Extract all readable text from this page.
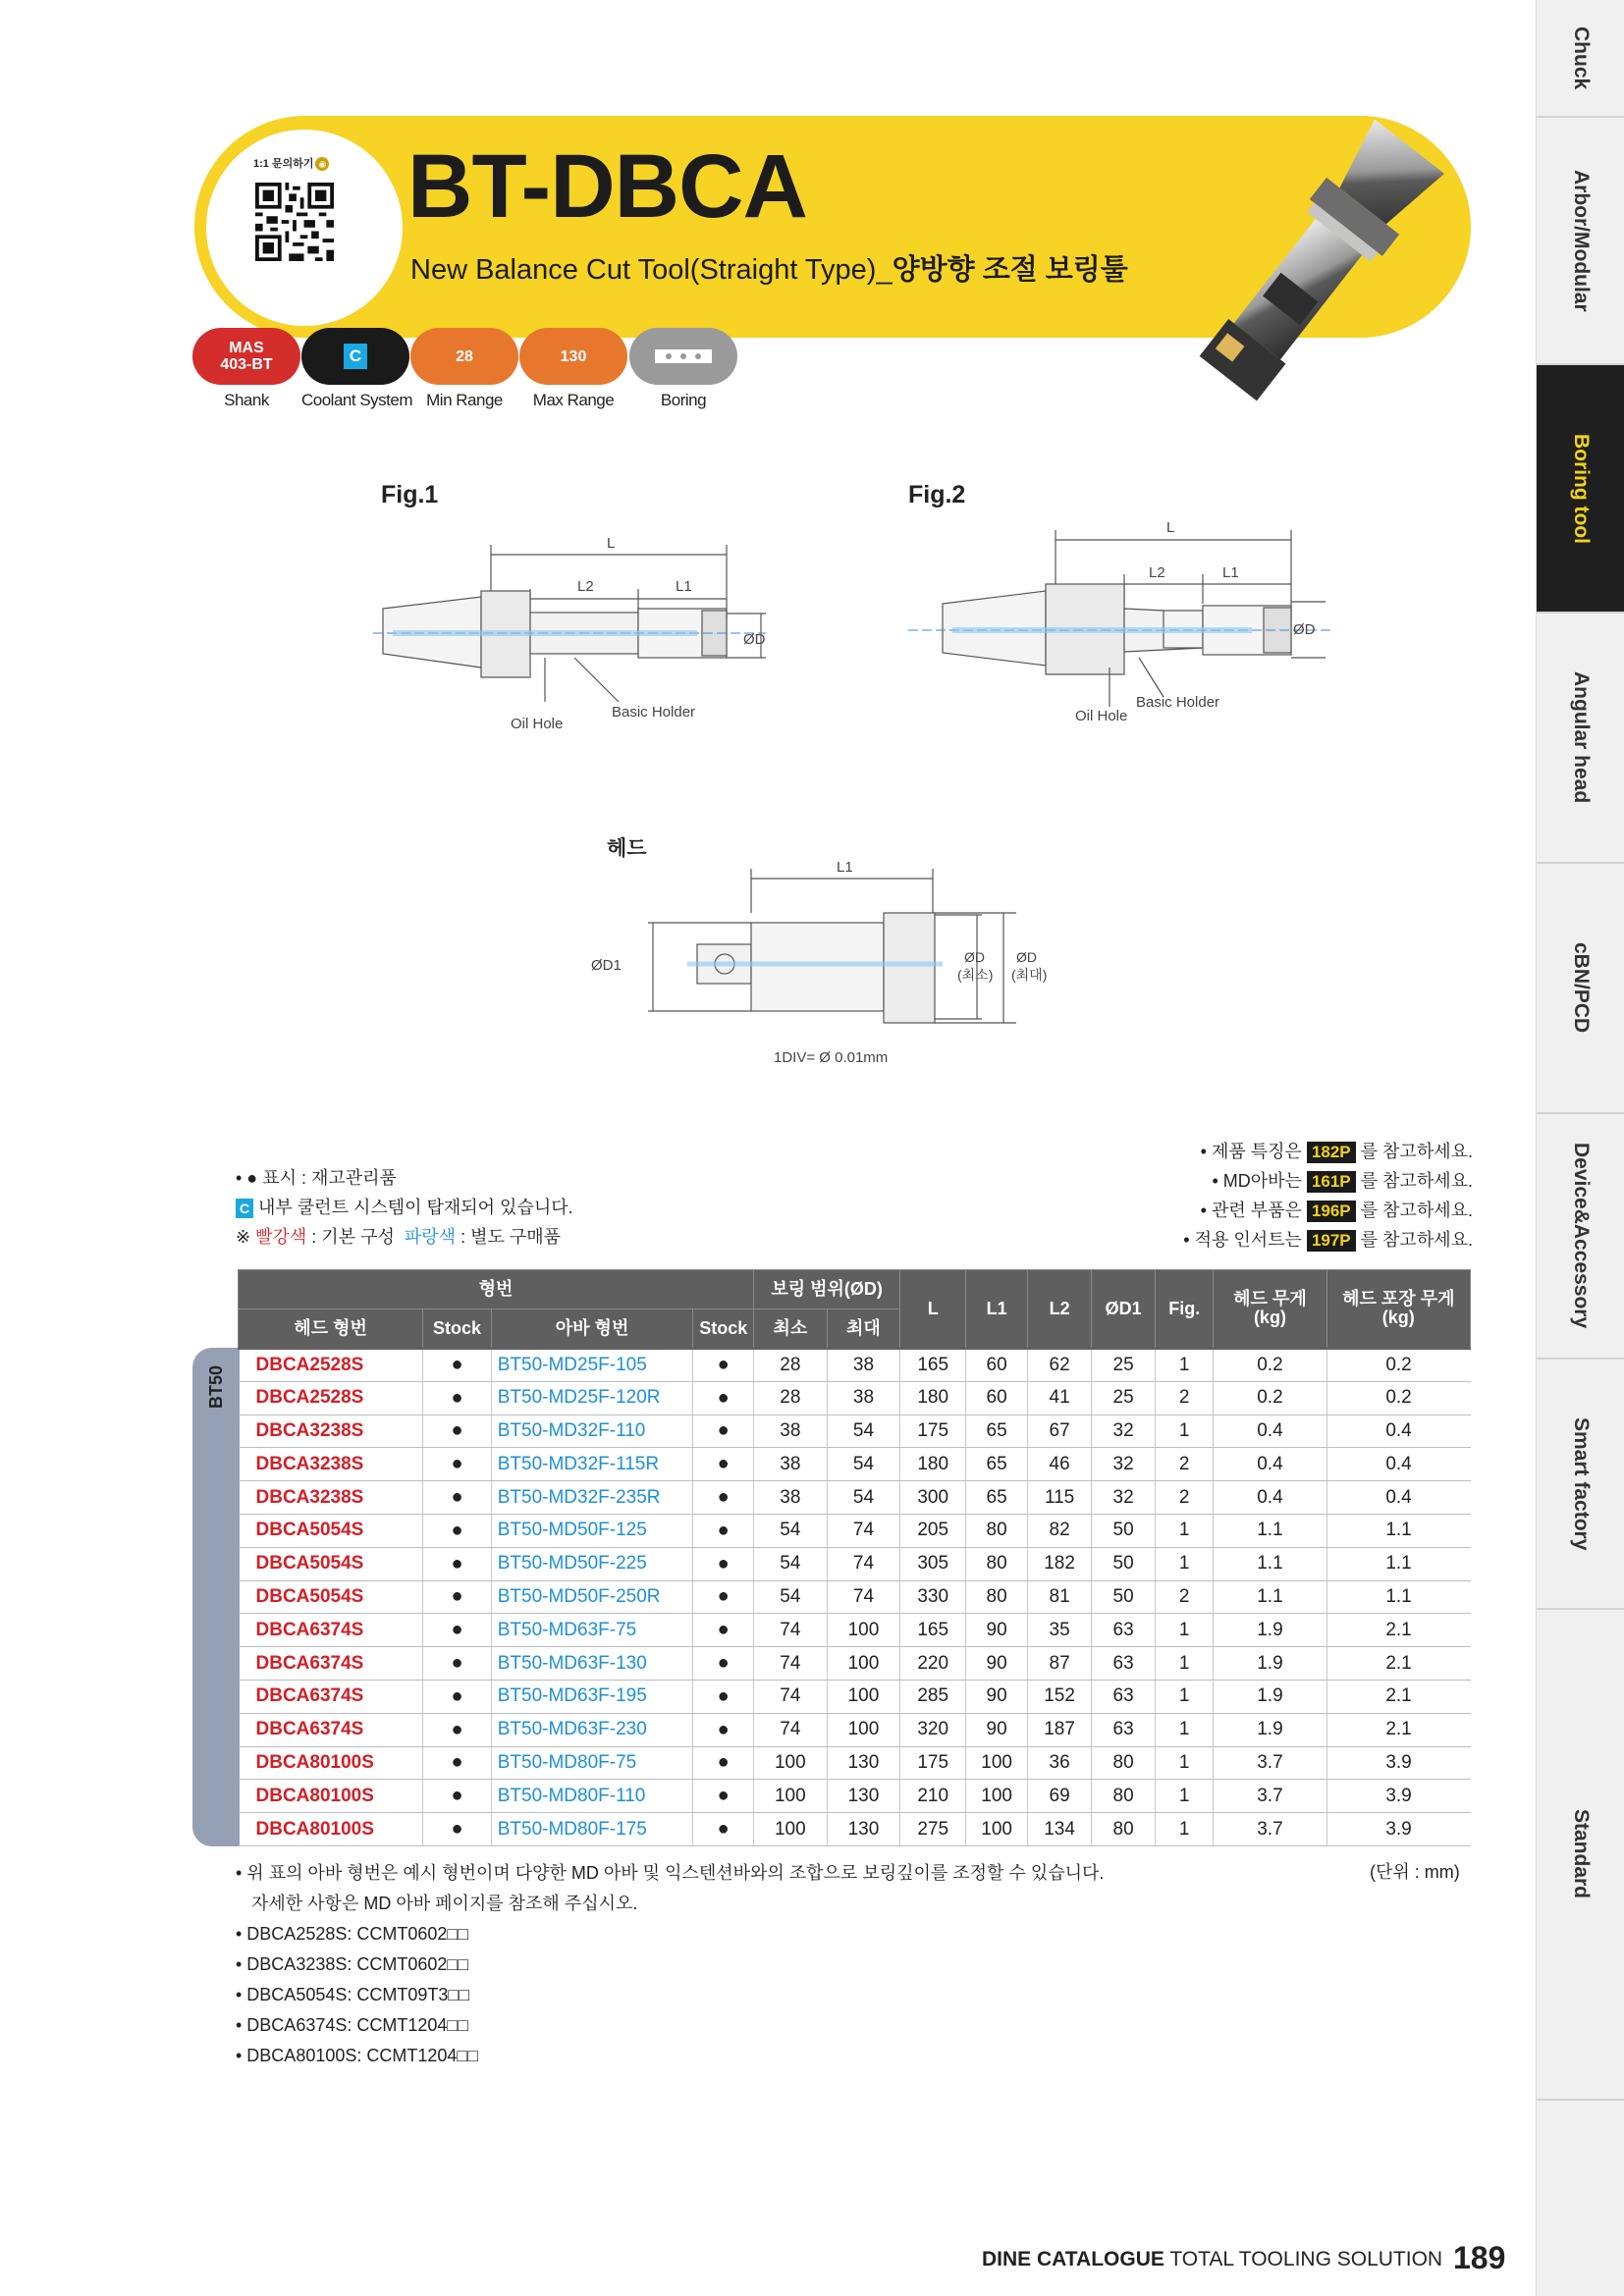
Chuck
Arbor/Modular
Boring tool
Angular head
cBN/PCD
Device&Accessory
Smart factory
Standard
1:1 문의하기 ◉ BT-DBCA
New Balance Cut Tool(Straight Type)_양방향 조절 보링툴
MAS
403-BT
Shank
C
Coolant System
28
Min Range
130
Max Range	Boring
Fig.1	Fig.2
L
L2	L1
ØD
Oil Hole
Basic Holder
L
L2	L1
ØD
Oil Hole
Basic Holder
헤드
L1
ØD1	ØD
(최소)
ØD
(최대)
1DIV= Ø 0.01mm
• 제품 특징은 182P 를 참고하세요.
• MD아바는 161P 를 참고하세요.
• 관련 부품은 196P 를 참고하세요.
• 적용 인서트는 197P 를 참고하세요.
• ● 표시 : 재고관리품
C 내부 쿨런트 시스템이 탑재되어 있습니다.
※ 빨강색 : 기본 구성 파랑색 : 별도 구매품
BT50
형번				보링 범위(ØD)		L	L1	L2	ØD1	Fig.	헤드 무게
(kg)	헤드 포장 무게
(kg)
헤드 형번	Stock	아바 형번	Stock	최소	최대							
DBCA2528S	●	BT50-MD25F-105	●	28	38	165	60	62	25	1	0.2	0.2
DBCA2528S	●	BT50-MD25F-120R	●	28	38	180	60	41	25	2	0.2	0.2
DBCA3238S	●	BT50-MD32F-110	●	38	54	175	65	67	32	1	0.4	0.4
DBCA3238S	●	BT50-MD32F-115R	●	38	54	180	65	46	32	2	0.4	0.4
DBCA3238S	●	BT50-MD32F-235R	●	38	54	300	65	115	32	2	0.4	0.4
DBCA5054S	●	BT50-MD50F-125	●	54	74	205	80	82	50	1	1.1	1.1
DBCA5054S	●	BT50-MD50F-225	●	54	74	305	80	182	50	1	1.1	1.1
DBCA5054S	●	BT50-MD50F-250R	●	54	74	330	80	81	50	2	1.1	1.1
DBCA6374S	●	BT50-MD63F-75	●	74	100	165	90	35	63	1	1.9	2.1
DBCA6374S	●	BT50-MD63F-130	●	74	100	220	90	87	63	1	1.9	2.1
DBCA6374S	●	BT50-MD63F-195	●	74	100	285	90	152	63	1	1.9	2.1
DBCA6374S	●	BT50-MD63F-230	●	74	100	320	90	187	63	1	1.9	2.1
DBCA80100S	●	BT50-MD80F-75	●	100	130	175	100	36	80	1	3.7	3.9
DBCA80100S	●	BT50-MD80F-110	●	100	130	210	100	69	80	1	3.7	3.9
DBCA80100S	●	BT50-MD80F-175	●	100	130	275	100	134	80	1	3.7	3.9
• 위 표의 아바 형번은 예시 형번이며 다양한 MD 아바 및 익스텐션바와의 조합으로 보링깊이를 조정할 수 있습니다.
자세한 사항은 MD 아바 페이지를 참조해 주십시오.
• DBCA2528S: CCMT0602□□
• DBCA3238S: CCMT0602□□
• DBCA5054S: CCMT09T3□□
• DBCA6374S: CCMT1204□□
• DBCA80100S: CCMT1204□□
(단위 : mm)
DINE CATALOGUE TOTAL TOOLING SOLUTION 189
